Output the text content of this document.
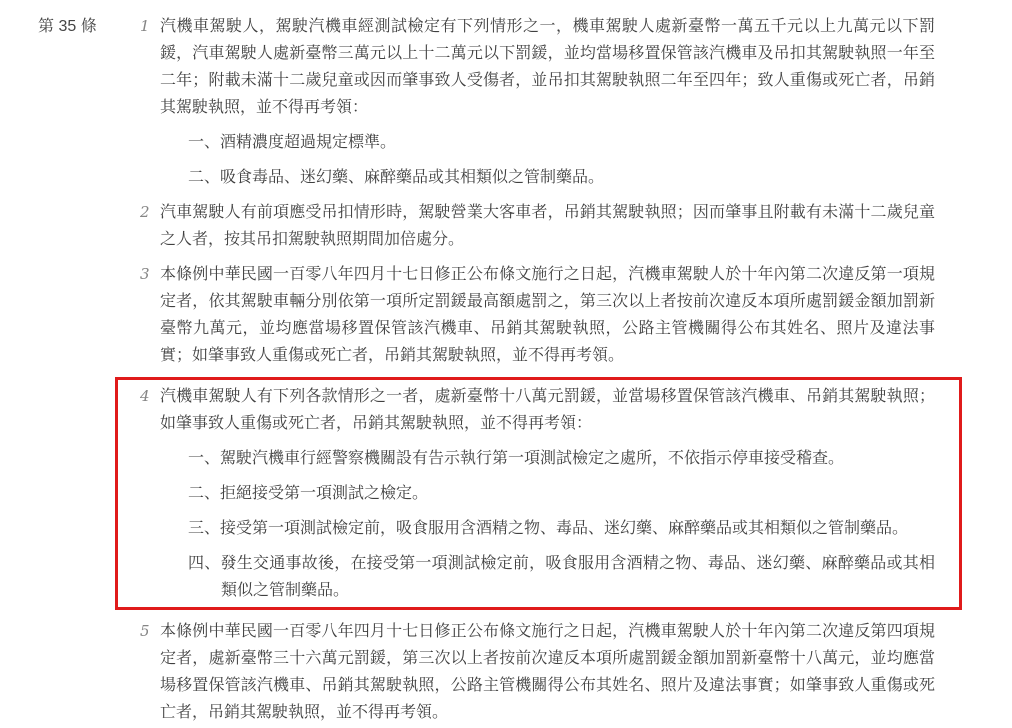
第 35 條	1 汽機車駕駛人，駕駛汽機車經測試檢定有下列情形之一，機車駕駛人處新臺幣一萬五千元以上九萬元以下罰鍰，汽車駕駛人處新臺幣三萬元以上十二萬元以下罰鍰，並均當場移置保管該汽機車及吊扣其駕駛執照一年至二年；附載未滿十二歲兒童或因而肇事致人受傷者，並吊扣其駕駛執照二年至四年；致人重傷或死亡者，吊銷其駕駛執照，並不得再考領：
一、酒精濃度超過規定標準。
二、吸食毒品、迷幻藥、麻醉藥品或其相類似之管制藥品。
2 汽車駕駛人有前項應受吊扣情形時，駕駛營業大客車者，吊銷其駕駛執照；因而肇事且附載有未滿十二歲兒童之人者，按其吊扣駕駛執照期間加倍處分。
3 本條例中華民國一百零八年四月十七日修正公布條文施行之日起，汽機車駕駛人於十年內第二次違反第一項規定者，依其駕駛車輛分別依第一項所定罰鍰最高額處罰之，第三次以上者按前次違反本項所處罰鍰金額加罰新臺幣九萬元，並均應當場移置保管該汽機車、吊銷其駕駛執照，公路主管機關得公布其姓名、照片及違法事實；如肇事致人重傷或死亡者，吊銷其駕駛執照，並不得再考領。
4 汽機車駕駛人有下列各款情形之一者，處新臺幣十八萬元罰鍰，並當場移置保管該汽機車、吊銷其駕駛執照；如肇事致人重傷或死亡者，吊銷其駕駛執照，並不得再考領：
一、駕駛汽機車行經警察機關設有告示執行第一項測試檢定之處所，不依指示停車接受稽查。
二、拒絕接受第一項測試之檢定。
三、接受第一項測試檢定前，吸食服用含酒精之物、毒品、迷幻藥、麻醉藥品或其相類似之管制藥品。
四、發生交通事故後，在接受第一項測試檢定前，吸食服用含酒精之物、毒品、迷幻藥、麻醉藥品或其相類似之管制藥品。
5 本條例中華民國一百零八年四月十七日修正公布條文施行之日起，汽機車駕駛人於十年內第二次違反第四項規定者，處新臺幣三十六萬元罰鍰，第三次以上者按前次違反本項所處罰鍰金額加罰新臺幣十八萬元，並均應當場移置保管該汽機車、吊銷其駕駛執照，公路主管機關得公布其姓名、照片及違法事實；如肇事致人重傷或死亡者，吊銷其駕駛執照，並不得再考領。
